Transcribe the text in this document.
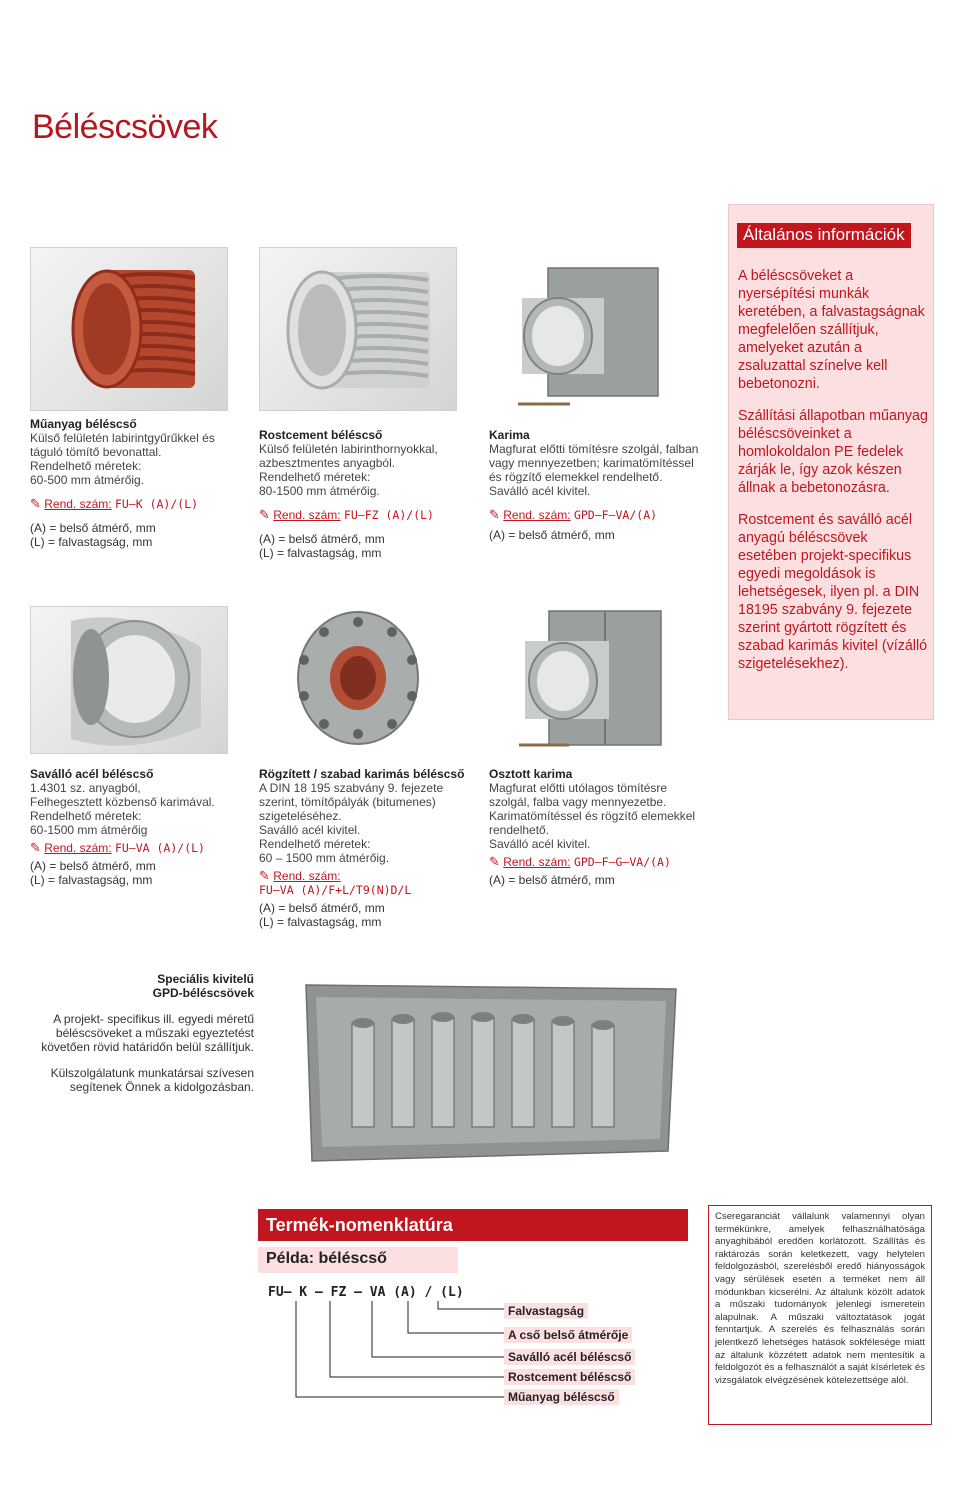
Béléscsövek
Műanyag béléscső
Külső felületén labirintgyűrűkkel és
táguló tömítő bevonattal.
Rendelhető méretek:
60-500 mm átmérőig.
✎ Rend. szám: FU–K (A)/(L)
(A) = belső átmérő, mm
(L) = falvastagság, mm
Rostcement béléscső
Külső felületén labirinthornyokkal,
azbesztmentes anyagból.
Rendelhető méretek:
80-1500 mm átmérőig.
✎ Rend. szám: FU–FZ (A)/(L)
(A) = belső átmérő, mm
(L) = falvastagság, mm
Karima
Magfurat előtti tömítésre szolgál, falban
vagy mennyezetben; karimatömítéssel
és rögzítő elemekkel rendelhető.
Saválló acél kivitel.
✎ Rend. szám: GPD–F–VA/(A)
(A) = belső átmérő, mm
Általános információk

A béléscsöveket a nyersépítési munkák keretében, a falvastagságnak megfelelően szállítjuk, amelyeket azután a zsaluzattal színelve kell bebetonozni.

Szállítási állapotban műanyag béléscsöveinket a homlokoldalon PE fedelek zárják le, így azok készen állnak a bebetonozásra.

Rostcement és saválló acél anyagú béléscsövek esetében projekt-specifikus egyedi megoldások is lehetségesek, ilyen pl. a DIN 18195 szabvány 9. fejezete szerint gyártott rögzített és szabad karimás kivitel (vízálló szigetelésekhez).

Saválló acél béléscső
1.4301 sz. anyagból,
Felhegesztett közbenső karimával.
Rendelhető méretek:
60-1500 mm átmérőig
✎ Rend. szám: FU–VA (A)/(L)
(A) = belső átmérő, mm
(L) = falvastagság, mm
Rögzített / szabad karimás béléscső
A DIN 18 195 szabvány 9. fejezete
szerint, tömítőpályák (bitumenes)
szigeteléséhez.
Saválló acél kivitel.
Rendelhető méretek:
60 – 1500 mm átmérőig.
✎ Rend. szám:
FU–VA (A)/F+L/T9(N)D/L
(A) = belső átmérő, mm
(L) = falvastagság, mm
Osztott karima
Magfurat előtti utólagos tömítésre
szolgál, falba vagy mennyezetbe.
Karimatömítéssel és rögzítő elemekkel
rendelhető.
Saválló acél kivitel.
✎ Rend. szám: GPD–F–G–VA/(A)
(A) = belső átmérő, mm
Speciális kivitelű
GPD-béléscsövek

A projekt- specifikus ill. egyedi méretű béléscsöveket a műszaki egyeztetést követően rövid határidőn belül szállítjuk.

Külszolgálatunk munkatársai szívesen segítenek Önnek a kidolgozásban.

Termék-nomenklatúra
Példa: béléscső
FU– K – FZ – VA (A) / (L)
Falvastagság
A cső belső átmérője
Saválló acél béléscső
Rostcement béléscső
Műanyag béléscső

Cseregaranciát vállalunk valamennyi olyan termékünkre, amelyek felhasználhatósága anyaghibából eredően korlátozott. Szállítás és raktározás során keletkezett, vagy helytelen feldolgozásból, szerelésből eredő hiányosságok vagy sérülések esetén a terméket nem áll módunkban kicserélni. Az általunk közölt adatok a műszaki tudományok jelenlegi ismeretein alapulnak. A műszaki változtatások jogát fenntartjuk. A szerelés és felhasználás során jelentkező lehetséges hatások sokfélesége miatt az általunk közzétett adatok nem mentesítik a feldolgozót és a felhasználót a saját kísérletek és vizsgálatok elvégzésének kötelezettsége alól.
